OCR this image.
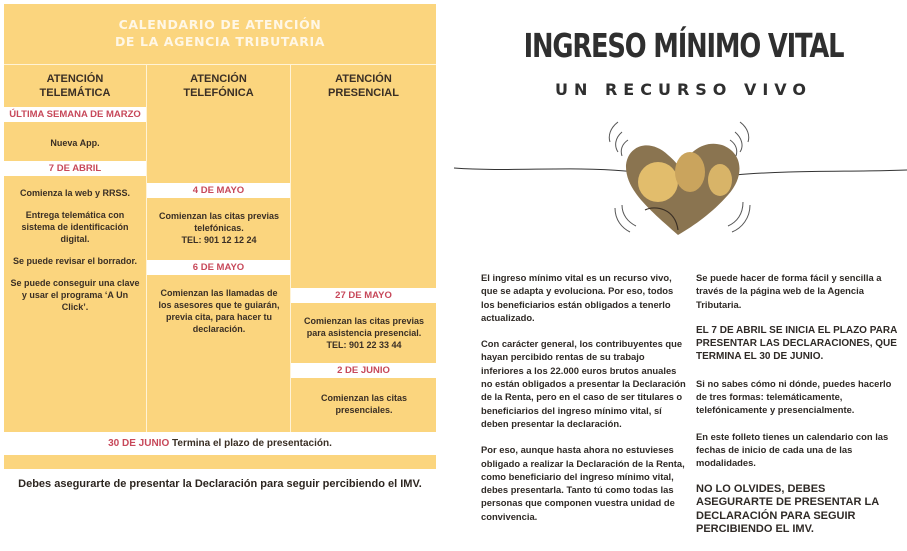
CALENDARIO DE ATENCIÓN
DE LA AGENCIA TRIBUTARIA
ATENCIÓN
TELEMÁTICA
ATENCIÓN
TELEFÓNICA
ATENCIÓN
PRESENCIAL
ÚLTIMA SEMANA DE MARZO
Nueva App.
7 DE ABRIL

Comienza la web y RRSS.

Entrega telemática con sistema de identificación digital.

Se puede revisar el borrador.

Se puede conseguir una clave y usar el programa ‘A Un Click’.

4 DE MAYO
Comienzan las citas previas telefónicas.
TEL: 901 12 12 24
6 DE MAYO
Comienzan las llamadas de los asesores que te guiarán, previa cita, para hacer tu declaración.
27 DE MAYO
Comienzan las citas previas para asistencia presencial.
TEL: 901 22 33 44
2 DE JUNIO
Comienzan las citas presenciales.
30 DE JUNIO Termina el plazo de presentación.
Debes asegurarte de presentar la Declaración para seguir percibiendo el IMV.
INGRESO MÍNIMO VITAL
UN RECURSO VIVO

El ingreso mínimo vital es un recurso vivo, que se adapta y evoluciona. Por eso, todos los beneficiarios están obligados a tenerlo actualizado.

Con carácter general, los contribuyentes que hayan percibido rentas de su trabajo inferiores a los 22.000 euros brutos anuales no están obligados a presentar la Declaración de la Renta, pero en el caso de ser titulares o beneficiarios del ingreso mínimo vital, sí deben presentar la declaración.

Por eso, aunque hasta ahora no estuvieses obligado a realizar la Declaración de la Renta, como beneficiario del ingreso mínimo vital, debes presentarla. Tanto tú como todas las personas que componen vuestra unidad de convivencia.

Se puede hacer de forma fácil y sencilla a través de la página web de la Agencia Tributaria.

EL 7 DE ABRIL SE INICIA EL PLAZO PARA PRESENTAR LAS DECLARACIONES, QUE TERMINA EL 30 DE JUNIO.

Si no sabes cómo ni dónde, puedes hacerlo de tres formas: telemáticamente, telefónicamente y presencialmente.

En este folleto tienes un calendario con las fechas de inicio de cada una de las modalidades.

NO LO OLVIDES, DEBES ASEGURARTE DE PRESENTAR LA DECLARACIÓN PARA SEGUIR PERCIBIENDO EL IMV.
